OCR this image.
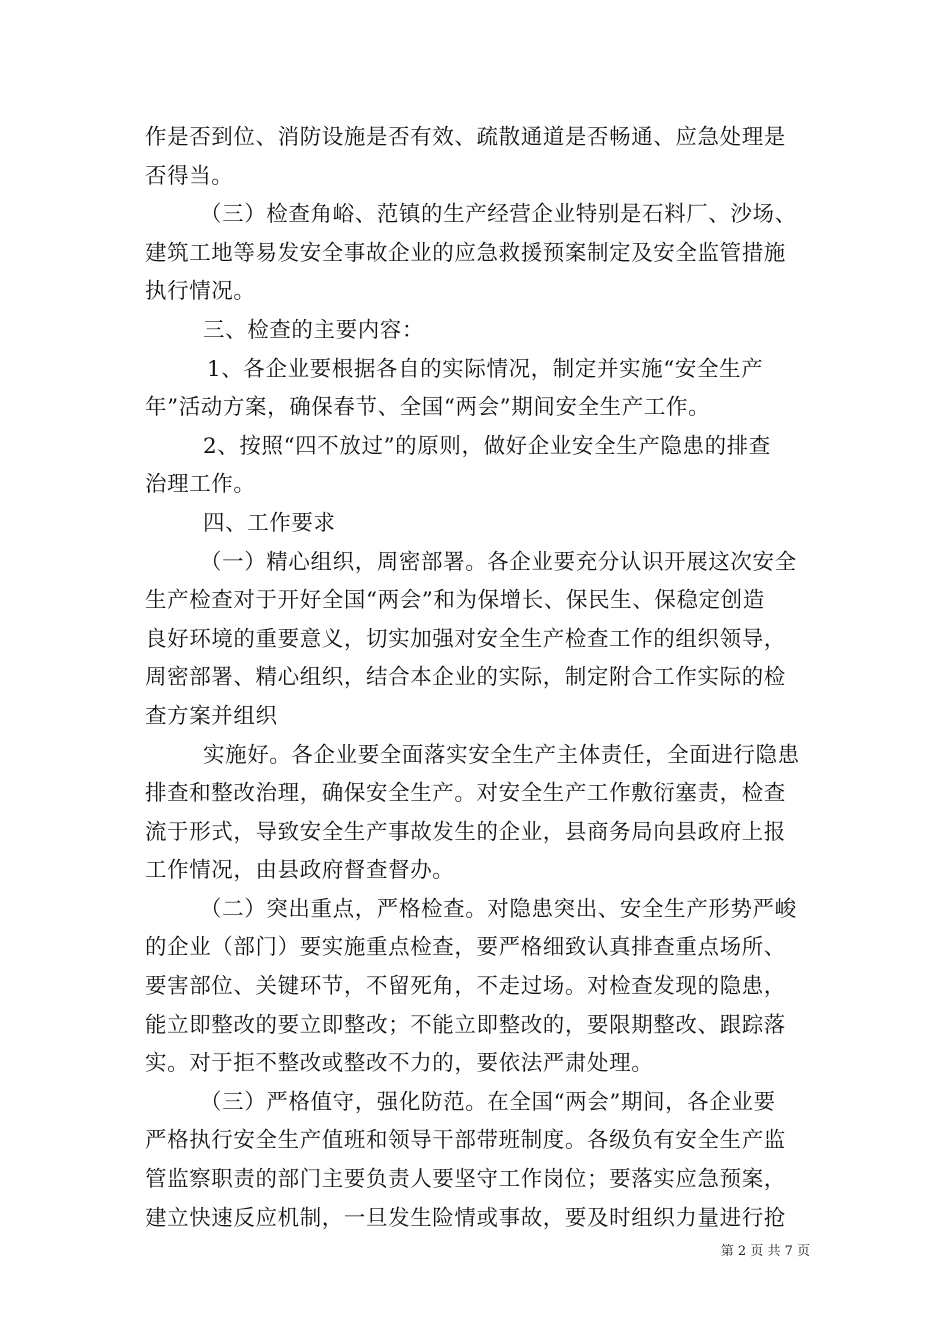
作是否到位、消防设施是否有效、疏散通道是否畅通、应急处理是
否得当。
（三）检查角峪、范镇的生产经营企业特别是石料厂、沙场、
建筑工地等易发安全事故企业的应急救援预案制定及安全监管措施
执行情况。
三、检查的主要内容：
1、各企业要根据各自的实际情况，制定并实施“安全生产
年”活动方案，确保春节、全国“两会”期间安全生产工作。
2、按照“四不放过”的原则，做好企业安全生产隐患的排查
治理工作。
四、工作要求
（一）精心组织，周密部署。各企业要充分认识开展这次安全
生产检查对于开好全国“两会”和为保增长、保民生、保稳定创造
良好环境的重要意义，切实加强对安全生产检查工作的组织领导，
周密部署、精心组织，结合本企业的实际，制定附合工作实际的检
查方案并组织
实施好。各企业要全面落实安全生产主体责任，全面进行隐患
排查和整改治理，确保安全生产。对安全生产工作敷衍塞责，检查
流于形式，导致安全生产事故发生的企业，县商务局向县政府上报
工作情况，由县政府督查督办。
（二）突出重点，严格检查。对隐患突出、安全生产形势严峻
的企业（部门）要实施重点检查，要严格细致认真排查重点场所、
要害部位、关键环节，不留死角，不走过场。对检查发现的隐患，
能立即整改的要立即整改；不能立即整改的，要限期整改、跟踪落
实。对于拒不整改或整改不力的，要依法严肃处理。
（三）严格值守，强化防范。在全国“两会”期间，各企业要
严格执行安全生产值班和领导干部带班制度。各级负有安全生产监
管监察职责的部门主要负责人要坚守工作岗位；要落实应急预案，
建立快速反应机制，一旦发生险情或事故，要及时组织力量进行抢
第 2 页 共 7 页
